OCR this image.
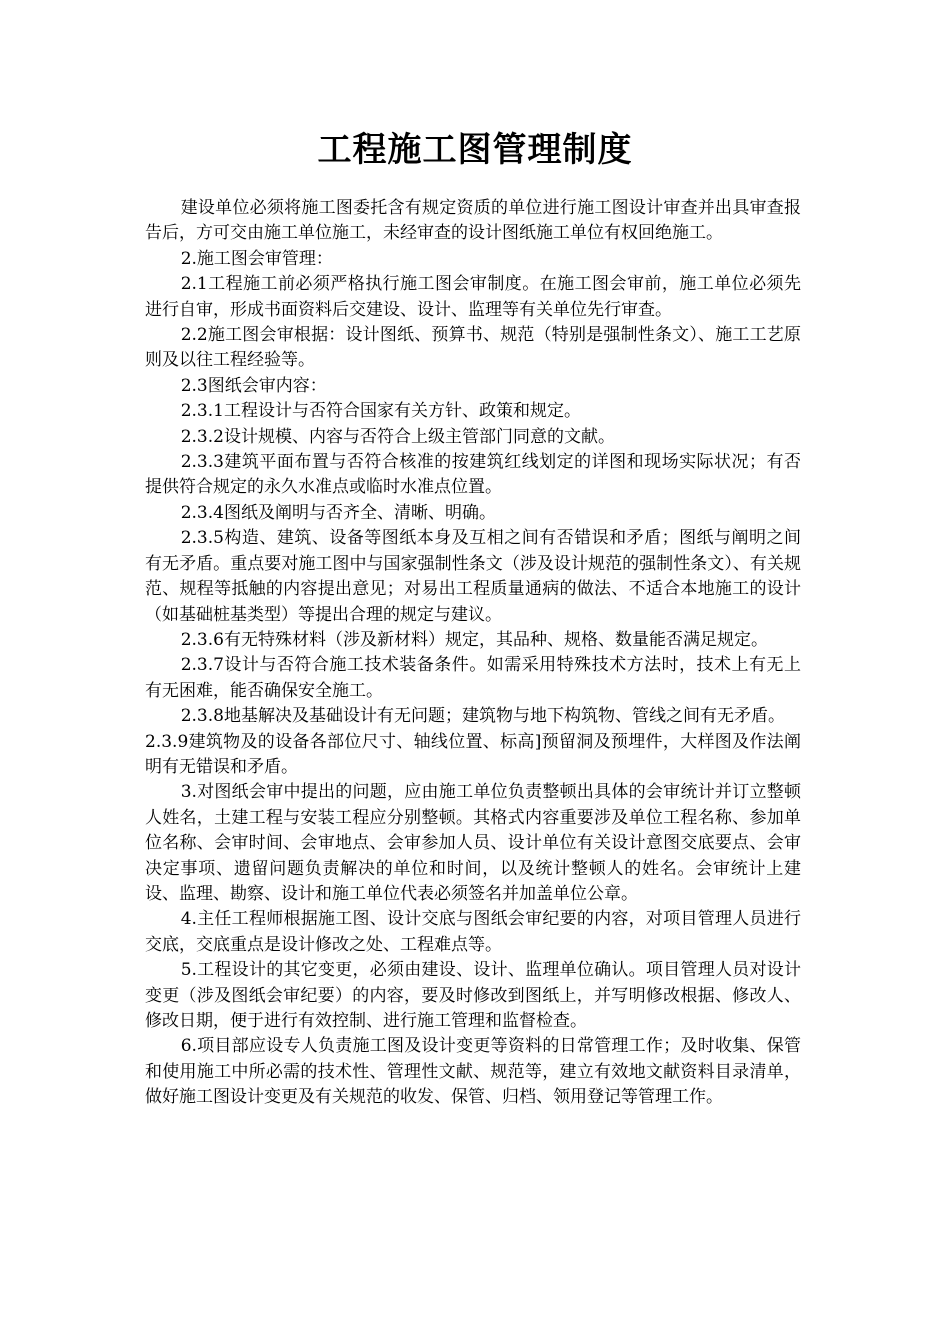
工程施工图管理制度

建设单位必须将施工图委托含有规定资质的单位进行施工图设计审查并出具审查报告后，方可交由施工单位施工，未经审查的设计图纸施工单位有权回绝施工。

2.施工图会审管理：

2.1工程施工前必须严格执行施工图会审制度。在施工图会审前，施工单位必须先进行自审，形成书面资料后交建设、设计、监理等有关单位先行审查。

2.2施工图会审根据：设计图纸、预算书、规范（特别是强制性条文）、施工工艺原则及以往工程经验等。

2.3图纸会审内容：

2.3.1工程设计与否符合国家有关方针、政策和规定。

2.3.2设计规模、内容与否符合上级主管部门同意的文献。

2.3.3建筑平面布置与否符合核准的按建筑红线划定的详图和现场实际状况；有否提供符合规定的永久水准点或临时水准点位置。

2.3.4图纸及阐明与否齐全、清晰、明确。

2.3.5构造、建筑、设备等图纸本身及互相之间有否错误和矛盾；图纸与阐明之间有无矛盾。重点要对施工图中与国家强制性条文（涉及设计规范的强制性条文）、有关规范、规程等抵触的内容提出意见；对易出工程质量通病的做法、不适合本地施工的设计（如基础桩基类型）等提出合理的规定与建议。

2.3.6有无特殊材料（涉及新材料）规定，其品种、规格、数量能否满足规定。

2.3.7设计与否符合施工技术装备条件。如需采用特殊技术方法时，技术上有无上有无困难，能否确保安全施工。

2.3.8地基解决及基础设计有无问题；建筑物与地下构筑物、管线之间有无矛盾。

2.3.9建筑物及的设备各部位尺寸、轴线位置、标高]预留洞及预埋件，大样图及作法阐明有无错误和矛盾。

3.对图纸会审中提出的问题，应由施工单位负责整顿出具体的会审统计并订立整顿人姓名，土建工程与安装工程应分别整顿。其格式内容重要涉及单位工程名称、参加单位名称、会审时间、会审地点、会审参加人员、设计单位有关设计意图交底要点、会审决定事项、遗留问题负责解决的单位和时间，以及统计整顿人的姓名。会审统计上建设、监理、勘察、设计和施工单位代表必须签名并加盖单位公章。

4.主任工程师根据施工图、设计交底与图纸会审纪要的内容，对项目管理人员进行交底，交底重点是设计修改之处、工程难点等。

5.工程设计的其它变更，必须由建设、设计、监理单位确认。项目管理人员对设计变更（涉及图纸会审纪要）的内容，要及时修改到图纸上，并写明修改根据、修改人、修改日期，便于进行有效控制、进行施工管理和监督检查。

6.项目部应设专人负责施工图及设计变更等资料的日常管理工作；及时收集、保管和使用施工中所必需的技术性、管理性文献、规范等，建立有效地文献资料目录清单，做好施工图设计变更及有关规范的收发、保管、归档、领用登记等管理工作。
